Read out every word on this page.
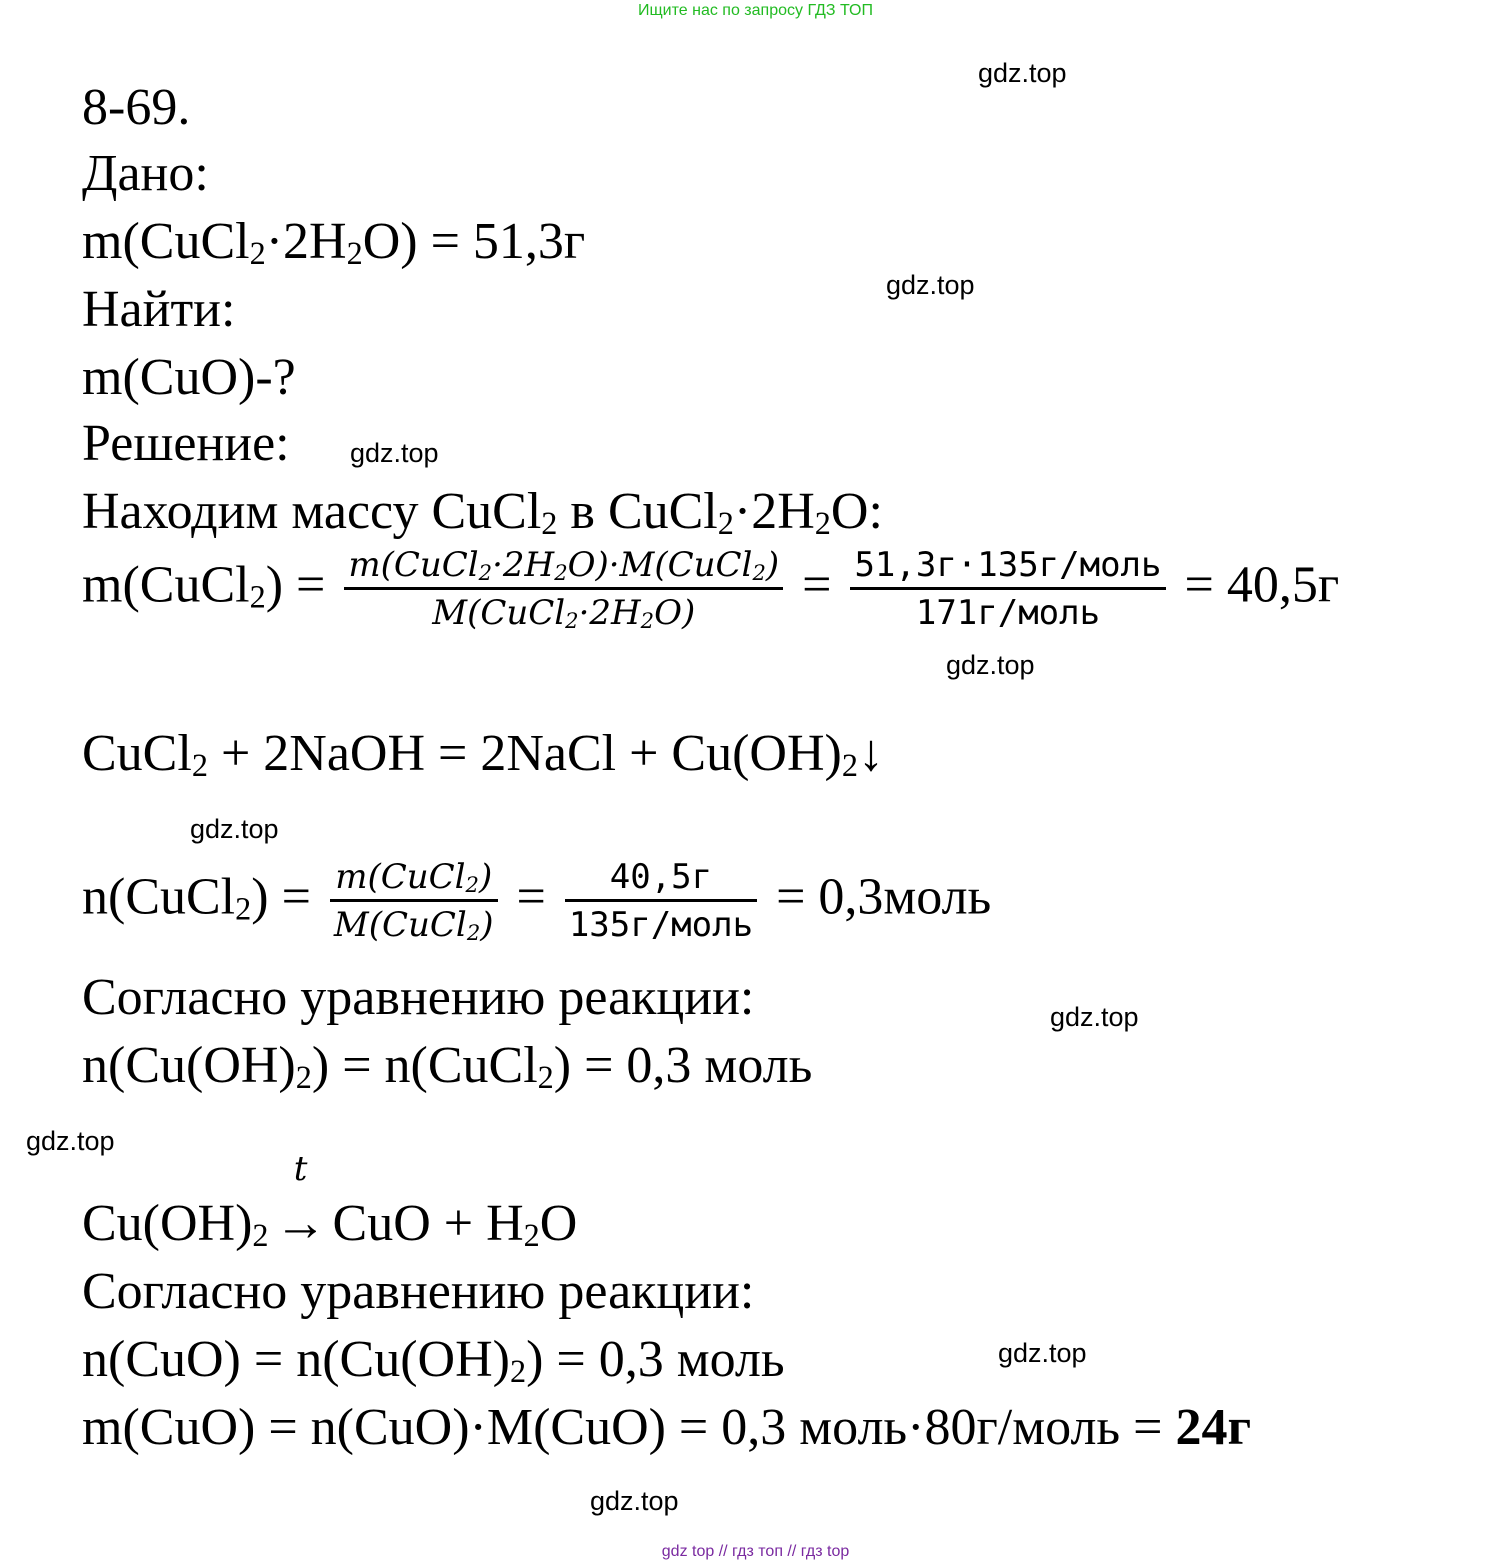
Ищите нас по запросу ГДЗ ТОП
gdz.top
gdz.top
gdz.top
gdz.top
gdz.top
gdz.top
gdz.top
gdz.top
gdz.top
8-69.
Дано:
$m(CuCl_2\cdot 2H_2O) = 51,3г$
Найти:
m(CuO)-?
Решение:
Находим массу CuCl$_2$ в $CuCl_2\cdot 2H_2O$:
m(CuCl$_2$) = $\frac{m(CuCl_2\cdot 2H_2O)\cdot M(CuCl_2)}{M(CuCl_2\cdot 2H_2O)} = \frac{\text{51,3г·135г/моль}}{\text{171г/моль}} = 40,5г$
CuCl$_2$ + 2NaOH = 2NaCl + $Cu(OH)_2↓$
n(CuCl$_2$) = $\frac{m(CuCl_2)}{M(CuCl_2)} = \frac{40,5г}{\text{135г/моль}}$ = 0,3моль
Согласно уравнению реакции:
$n(Cu(OH)_2)$ = n(CuCl$_2$) = 0,3 моль
$Cu(OH)_2$
t
→ CuO + $H_2O$
Согласно уравнению реакции:
$n(CuO) = n(Cu(OH)_2) = 0,3$ моль
m(CuO) = n(CuO)·M(CuO) = 0,3 моль·80г/моль = 24г
gdz top // гдз топ // гдз top
